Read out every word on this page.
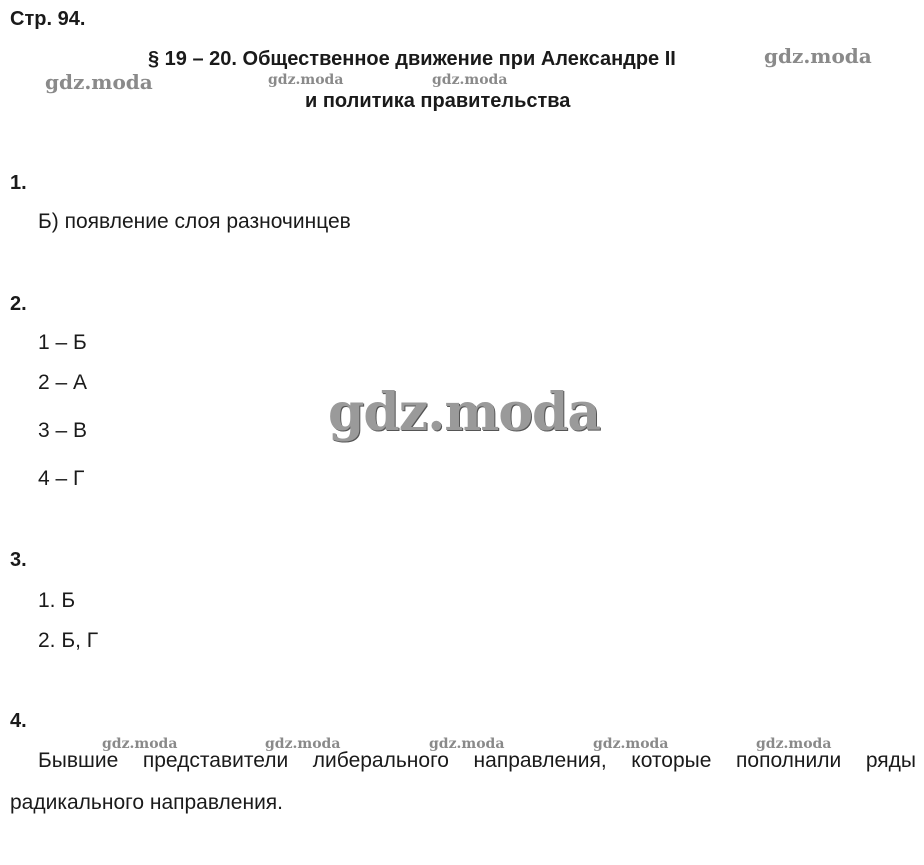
Стр. 94.
§ 19 – 20. Общественное движение при Александре II
и политика правительства
gdz.moda	gdz.moda	gdz.moda
gdz.moda
gdz.moda
gdz.moda	gdz.moda	gdz.moda	gdz.moda	gdz.moda
1.
Б) появление слоя разночинцев
2.
1 – Б
2 – А
3 – В
4 – Г
3.
1. Б
2. Б, Г
4.
Бывшие представители либерального направления, которые пополнили ряды
радикального направления.
